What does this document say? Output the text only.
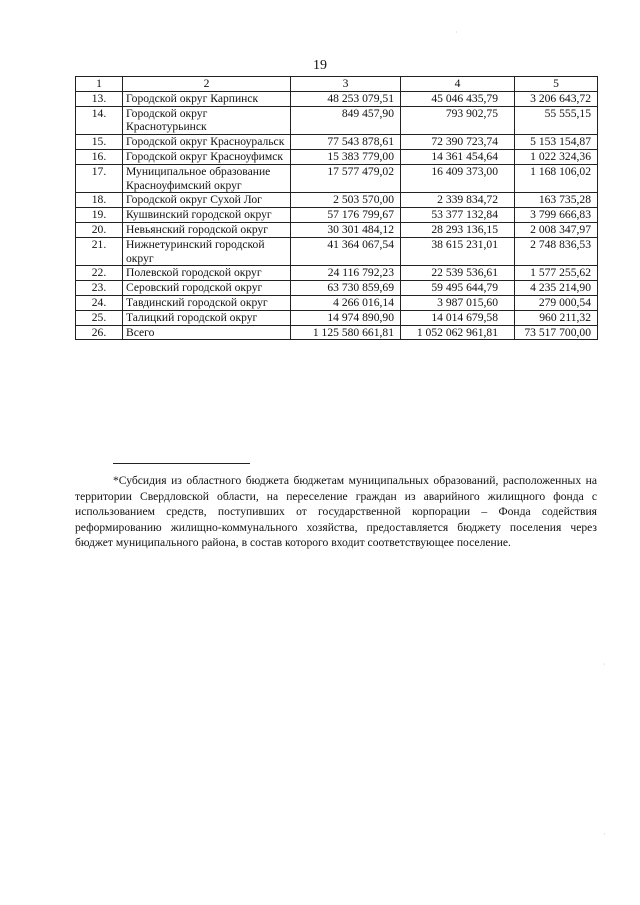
19
1	2	3	4	5
13.	Городской округ Карпинск	48 253 079,51	45 046 435,79	3 206 643,72
14.	Городской округ Краснотурьинск	849 457,90	793 902,75	55 555,15
15.	Городской округ Красноуральск	77 543 878,61	72 390 723,74	5 153 154,87
16.	Городской округ Красноуфимск	15 383 779,00	14 361 454,64	1 022 324,36
17.	Муниципальное образование Красноуфимский округ	17 577 479,02	16 409 373,00	1 168 106,02
18.	Городской округ Сухой Лог	2 503 570,00	2 339 834,72	163 735,28
19.	Кушвинский городской округ	57 176 799,67	53 377 132,84	3 799 666,83
20.	Невьянский городской округ	30 301 484,12	28 293 136,15	2 008 347,97
21.	Нижнетуринский городской округ	41 364 067,54	38 615 231,01	2 748 836,53
22.	Полевской городской округ	24 116 792,23	22 539 536,61	1 577 255,62
23.	Серовский городской округ	63 730 859,69	59 495 644,79	4 235 214,90
24.	Тавдинский городской округ	4 266 016,14	3 987 015,60	279 000,54
25.	Талицкий городской округ	14 974 890,90	14 014 679,58	960 211,32
26.	Всего	1 125 580 661,81	1 052 062 961,81	73 517 700,00

*Субсидия из областного бюджета бюджетам муниципальных образований, расположенных на территории Свердловской области, на переселение граждан из аварийного жилищного фонда с использованием средств, поступивших от государственной корпорации – Фонда содействия реформированию жилищно-коммунального хозяйства, предоставляется бюджету поселения через бюджет муниципального района, в состав которого входит соответствующее поселение.

·
·
·
